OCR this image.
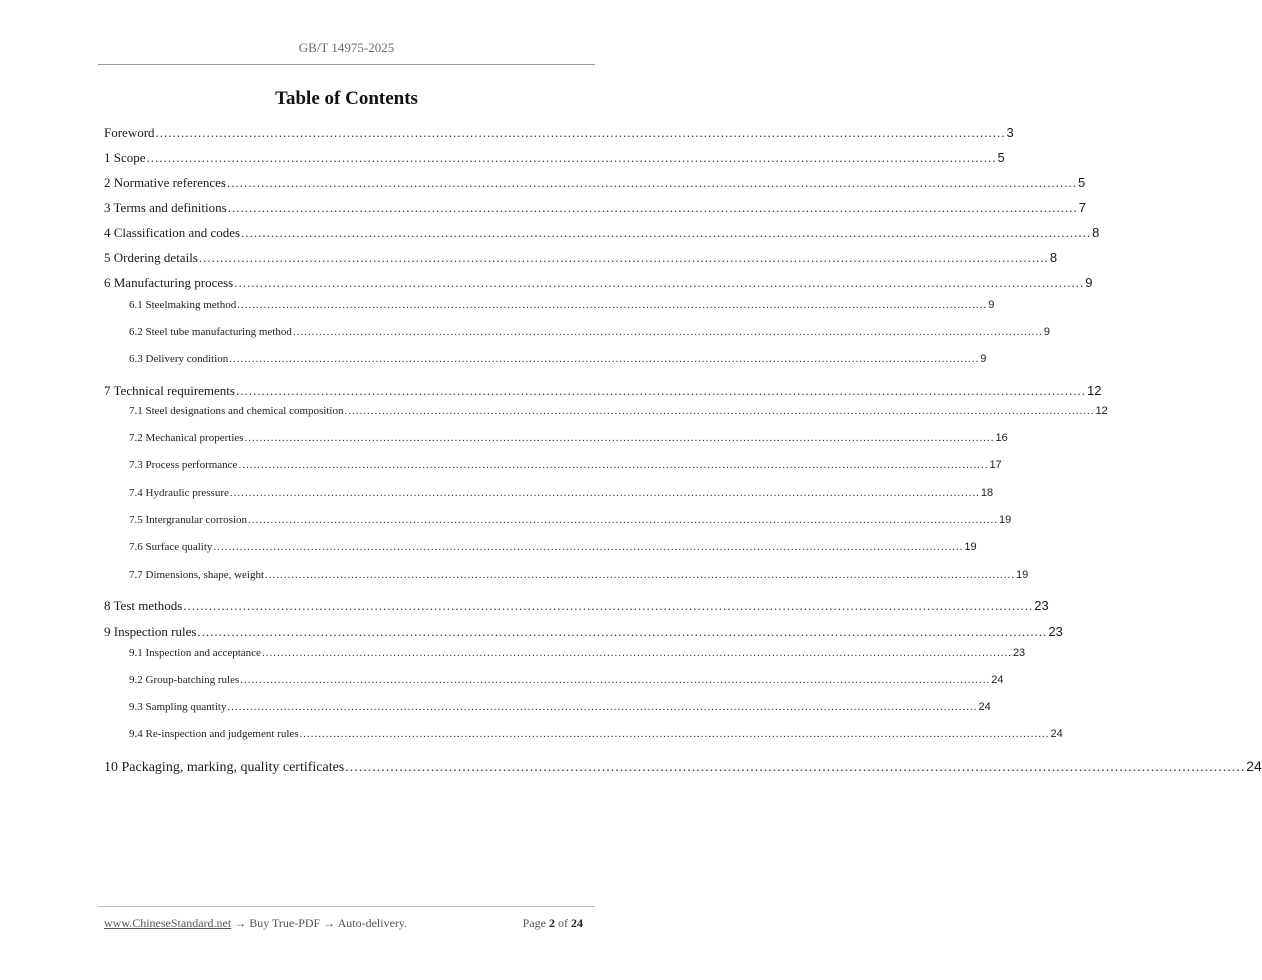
GB/T 14975-2025
Table of Contents
Foreword ........................................................................................................................................................................................................ 3
1 Scope ........................................................................................................................................................................................................ 5
2 Normative references ........................................................................................................................................................................................................ 5
3 Terms and definitions ........................................................................................................................................................................................................ 7
4 Classification and codes ........................................................................................................................................................................................................ 8
5 Ordering details ........................................................................................................................................................................................................ 8
6 Manufacturing process ........................................................................................................................................................................................................ 9
6.1 Steelmaking method ........................................................................................................................................................................................................ 9
6.2 Steel tube manufacturing method ........................................................................................................................................................................................................ 9
6.3 Delivery condition ........................................................................................................................................................................................................ 9
7 Technical requirements ........................................................................................................................................................................................................ 12
7.1 Steel designations and chemical composition ........................................................................................................................................................................................................ 12
7.2 Mechanical properties ........................................................................................................................................................................................................ 16
7.3 Process performance ........................................................................................................................................................................................................ 17
7.4 Hydraulic pressure ........................................................................................................................................................................................................ 18
7.5 Intergranular corrosion ........................................................................................................................................................................................................ 19
7.6 Surface quality ........................................................................................................................................................................................................ 19
7.7 Dimensions, shape, weight ........................................................................................................................................................................................................ 19
8 Test methods ........................................................................................................................................................................................................ 23
9 Inspection rules ........................................................................................................................................................................................................ 23
9.1 Inspection and acceptance ........................................................................................................................................................................................................ 23
9.2 Group-batching rules ........................................................................................................................................................................................................ 24
9.3 Sampling quantity ........................................................................................................................................................................................................ 24
9.4 Re-inspection and judgement rules ........................................................................................................................................................................................................ 24
10 Packaging, marking, quality certificates ........................................................................................................................................................................................................ 24
www.ChineseStandard.net → Buy True-PDF → Auto-delivery.	Page 2 of 24
